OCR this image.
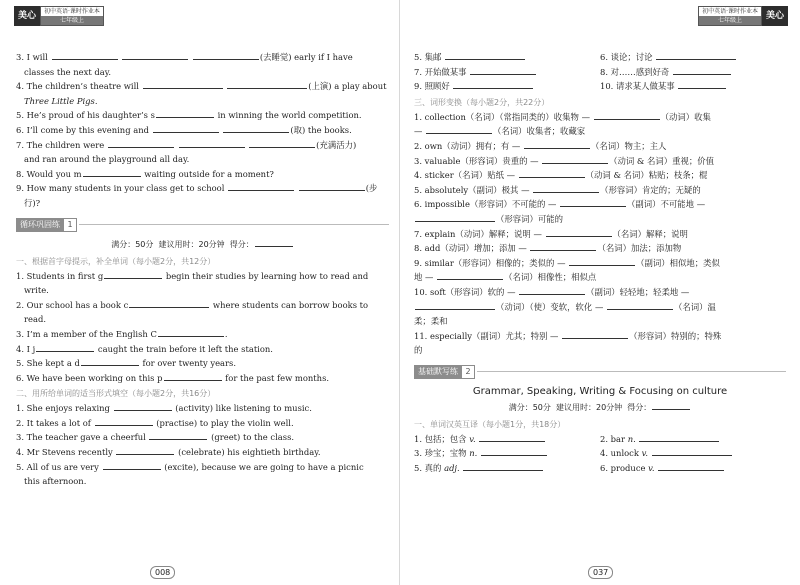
美心	初中英语·课时作业本
七年级上
3. I will	(去睡觉) early if I have
classes the next day.
4. The children’s theatre will	(上演) a play about
Three Little Pigs.
5. He’s proud of his daughter’s s	in winning the world competition.
6. I’ll come by this evening and	(取) the books.
7. The children were	(充满活力)
and ran around the playground all day.
8. Would you m	waiting outside for a moment?
9. How many students in your class get to school	(步
行)?
循环巩固练 1
满分：50分 建议用时：20分钟 得分：
一、根据首字母提示，补全单词（每小题2分，共12分）
1. Students in first g	begin their studies by learning how to read and
write.
2. Our school has a book c	where students can borrow books to
read.
3. I’m a member of the English C	.
4. I j	caught the train before it left the station.
5. She kept a d	for over twenty years.
6. We have been working on this p	for the past few months.
二、用所给单词的适当形式填空（每小题2分，共16分）
1. She enjoys relaxing	(activity) like listening to music.
2. It takes a lot of	(practise) to play the violin well.
3. The teacher gave a cheerful	(greet) to the class.
4. Mr Stevens recently	(celebrate) his eightieth birthday.
5. All of us are very	(excite), because we are going to have a picnic
this afternoon.
008
初中英语·课时作业本
七年级上	美心
5. 集邮	6. 谈论；讨论
7. 开始做某事	8. 对……感到好奇
9. 照顾好	10. 请求某人做某事
三、词形变换（每小题2分，共22分）
1. collection（名词）（常指同类的）收集物 —	（动词）收集
—	（名词）收集者；收藏家
2. own（动词）拥有；有 —	（名词）物主；主人
3. valuable（形容词）贵重的 —	（动词 & 名词）重视；价值
4. sticker（名词）贴纸 —	（动词 & 名词）粘贴；枝条；棍
5. absolutely（副词）极其 —	（形容词）肯定的；无疑的
6. impossible（形容词）不可能的 —	（副词）不可能地 —
（形容词）可能的
7. explain（动词）解释；说明 —	（名词）解释；说明
8. add（动词）增加；添加 —	（名词）加法；添加物
9. similar（形容词）相像的；类似的 —	（副词）相似地；类似
地 —	（名词）相像性；相似点
10. soft（形容词）软的 —	（副词）轻轻地；轻柔地 —
（动词）（使）变软，软化 —	（名词）温
柔；柔和
11. especially（副词）尤其；特别 —	（形容词）特别的；特殊
的
基础默写练 2
Grammar, Speaking, Writing & Focusing on culture
满分：50分 建议用时：20分钟 得分：
一、单词汉英互译（每小题1分，共18分）
1. 包括；包含 v.	2. bar n.
3. 珍宝；宝物 n.	4. unlock v.
5. 真的 adj.	6. produce v.
037
